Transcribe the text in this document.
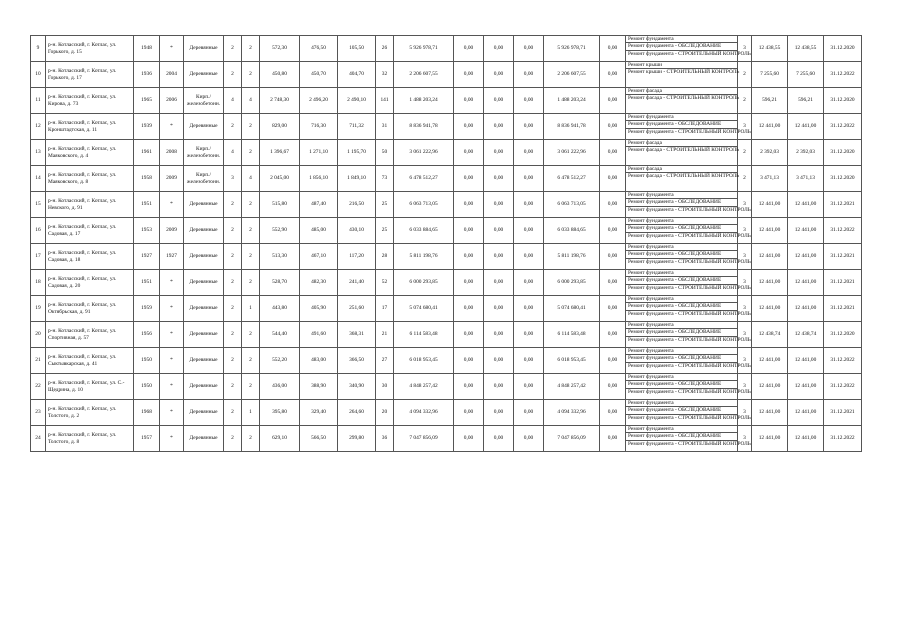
9	р-н. Котласский, г. Котлас, ул. Горького, д. 15	1948	*	Деревянные	2	2	572,30	476,50	105,50	26	5 926 978,71	0,00	0,00	0,00	5 926 978,71	0,00	Ремонт фундамента
Ремонт фундамента - ОБСЛЕДОВАНИЕ
Ремонт фундамента - СТРОИТЕЛЬНЫЙ КОНТРОЛЬ	3	12 438,55	12 438,55	31.12.2020
10	р-н. Котласский, г. Котлас, ул. Горького, д. 17	1936	2004	Деревянные	2	2	450,80	450,70	404,70	32	2 206 607,55	0,00	0,00	0,00	2 206 607,55	0,00	Ремонт крыши
Ремонт крыши - СТРОИТЕЛЬНЫЙ КОНТРОЛЬ	2	7 255,60	7 255,60	31.12.2022
11	р-н. Котласский, г. Котлас, ул. Кирова, д. 73	1965	2006	Кирп./ железобетонн.	4	4	2 748,30	2 496,20	2 490,10	141	1 488 203,24	0,00	0,00	0,00	1 488 203,24	0,00	Ремонт фасада
Ремонт фасада - СТРОИТЕЛЬНЫЙ КОНТРОЛЬ	2	596,21	596,21	31.12.2020
12	р-н. Котласский, г. Котлас, ул. Кронштадтская, д. 11	1939	*	Деревянные	2	2	829,00	716,30	711,32	31	8 836 941,78	0,00	0,00	0,00	8 836 941,78	0,00	Ремонт фундамента
Ремонт фундамента - ОБСЛЕДОВАНИЕ
Ремонт фундамента - СТРОИТЕЛЬНЫЙ КОНТРОЛЬ	3	12 441,00	12 441,00	31.12.2022
13	р-н. Котласский, г. Котлас, ул. Маяковского, д. 4	1961	2008	Кирп./ железобетонн.	4	2	1 396,67	1 271,10	1 195,70	50	3 061 222,96	0,00	0,00	0,00	3 061 222,96	0,00	Ремонт фасада
Ремонт фасада - СТРОИТЕЛЬНЫЙ КОНТРОЛЬ	2	2 392,03	2 392,03	31.12.2020
14	р-н. Котласский, г. Котлас, ул. Маяковского, д. 8	1958	2009	Кирп./ железобетонн.	3	4	2 045,00	1 856,10	1 849,10	73	6 478 512,27	0,00	0,00	0,00	6 478 512,27	0,00	Ремонт фасада
Ремонт фасада - СТРОИТЕЛЬНЫЙ КОНТРОЛЬ	2	3 471,13	3 471,13	31.12.2020
15	р-н. Котласский, г. Котлас, ул. Невского, д. 91	1951	*	Деревянные	2	2	515,80	487,40	216,50	25	6 063 713,05	0,00	0,00	0,00	6 063 713,05	0,00	Ремонт фундамента
Ремонт фундамента - ОБСЛЕДОВАНИЕ
Ремонт фундамента - СТРОИТЕЛЬНЫЙ КОНТРОЛЬ	3	12 441,00	12 441,00	31.12.2021
16	р-н. Котласский, г. Котлас, ул. Садовая, д. 17	1953	2009	Деревянные	2	2	552,90	485,00	430,10	25	6 033 884,65	0,00	0,00	0,00	6 033 884,65	0,00	Ремонт фундамента
Ремонт фундамента - ОБСЛЕДОВАНИЕ
Ремонт фундамента - СТРОИТЕЛЬНЫЙ КОНТРОЛЬ	3	12 441,00	12 441,00	31.12.2022
17	р-н. Котласский, г. Котлас, ул. Садовая, д. 18	1927	1927	Деревянные	2	2	513,30	467,10	117,20	28	5 811 198,76	0,00	0,00	0,00	5 811 198,76	0,00	Ремонт фундамента
Ремонт фундамента - ОБСЛЕДОВАНИЕ
Ремонт фундамента - СТРОИТЕЛЬНЫЙ КОНТРОЛЬ	3	12 441,00	12 441,00	31.12.2021
18	р-н. Котласский, г. Котлас, ул. Садовая, д. 20	1951	*	Деревянные	2	2	528,70	482,30	241,40	52	6 000 293,85	0,00	0,00	0,00	6 000 293,85	0,00	Ремонт фундамента
Ремонт фундамента - ОБСЛЕДОВАНИЕ
Ремонт фундамента - СТРОИТЕЛЬНЫЙ КОНТРОЛЬ	3	12 441,00	12 441,00	31.12.2021
19	р-н. Котласский, г. Котлас, ул. Октябрьская, д. 91	1959	*	Деревянные	2	1	443,80	405,90	251,60	17	5 074 680,41	0,00	0,00	0,00	5 074 680,41	0,00	Ремонт фундамента
Ремонт фундамента - ОБСЛЕДОВАНИЕ
Ремонт фундамента - СТРОИТЕЛЬНЫЙ КОНТРОЛЬ	3	12 441,00	12 441,00	31.12.2021
20	р-н. Котласский, г. Котлас, ул. Спортивная, д. 57	1956	*	Деревянные	2	2	544,40	491,60	368,31	21	6 114 583,48	0,00	0,00	0,00	6 114 583,48	0,00	Ремонт фундамента
Ремонт фундамента - ОБСЛЕДОВАНИЕ
Ремонт фундамента - СТРОИТЕЛЬНЫЙ КОНТРОЛЬ	3	12 438,74	12 438,74	31.12.2020
21	р-н. Котласский, г. Котлас, ул. Сыктывкарская, д. 41	1950	*	Деревянные	2	2	552,20	483,00	366,50	27	6 018 953,45	0,00	0,00	0,00	6 018 953,45	0,00	Ремонт фундамента
Ремонт фундамента - ОБСЛЕДОВАНИЕ
Ремонт фундамента - СТРОИТЕЛЬНЫЙ КОНТРОЛЬ	3	12 441,00	12 441,00	31.12.2022
22	р-н. Котласский, г. Котлас, ул. С.-Щедрина, д. 10	1950	*	Деревянные	2	2	436,00	388,90	340,90	30	4 848 257,42	0,00	0,00	0,00	4 848 257,42	0,00	Ремонт фундамента
Ремонт фундамента - ОБСЛЕДОВАНИЕ
Ремонт фундамента - СТРОИТЕЛЬНЫЙ КОНТРОЛЬ	3	12 441,00	12 441,00	31.12.2022
23	р-н. Котласский, г. Котлас, ул. Толстого, д. 2	1968	*	Деревянные	2	1	395,80	329,40	264,60	20	4 094 332,96	0,00	0,00	0,00	4 094 332,96	0,00	Ремонт фундамента
Ремонт фундамента - ОБСЛЕДОВАНИЕ
Ремонт фундамента - СТРОИТЕЛЬНЫЙ КОНТРОЛЬ	3	12 441,00	12 441,00	31.12.2021
24	р-н. Котласский, г. Котлас, ул. Толстого, д. 8	1957	*	Деревянные	2	2	629,10	566,50	299,80	36	7 047 856,09	0,00	0,00	0,00	7 047 856,09	0,00	Ремонт фундамента
Ремонт фундамента - ОБСЛЕДОВАНИЕ
Ремонт фундамента - СТРОИТЕЛЬНЫЙ КОНТРОЛЬ	3	12 441,00	12 441,00	31.12.2022
